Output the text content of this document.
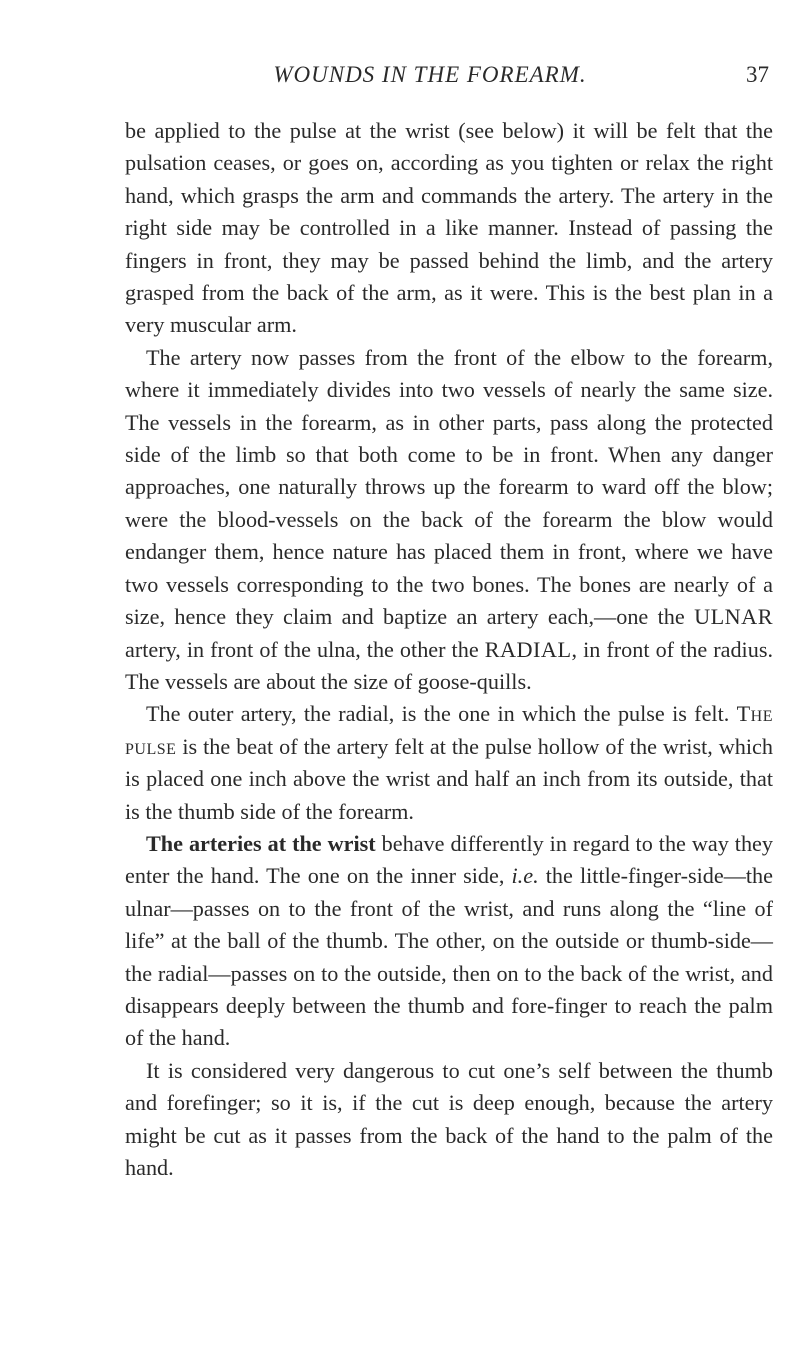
WOUNDS IN THE FOREARM.	37

be applied to the pulse at the wrist (see below) it will be felt that the pulsation ceases, or goes on, according as you tighten or relax the right hand, which grasps the arm and commands the artery. The artery in the right side may be controlled in a like manner. Instead of passing the fingers in front, they may be passed behind the limb, and the artery grasped from the back of the arm, as it were. This is the best plan in a very muscular arm.

The artery now passes from the front of the elbow to the forearm, where it immediately divides into two vessels of nearly the same size. The vessels in the forearm, as in other parts, pass along the protected side of the limb so that both come to be in front. When any danger approaches, one naturally throws up the forearm to ward off the blow; were the blood-vessels on the back of the forearm the blow would endanger them, hence nature has placed them in front, where we have two vessels corresponding to the two bones. The bones are nearly of a size, hence they claim and baptize an artery each,—one the ULNAR artery, in front of the ulna, the other the RADIAL, in front of the radius. The vessels are about the size of goose-quills.

The outer artery, the radial, is the one in which the pulse is felt. The pulse is the beat of the artery felt at the pulse hollow of the wrist, which is placed one inch above the wrist and half an inch from its outside, that is the thumb side of the forearm.

The arteries at the wrist behave differently in regard to the way they enter the hand. The one on the inner side, i.e. the little-finger-side—the ulnar—passes on to the front of the wrist, and runs along the “line of life” at the ball of the thumb. The other, on the outside or thumb-side—the radial—passes on to the outside, then on to the back of the wrist, and disappears deeply between the thumb and fore-finger to reach the palm of the hand.

It is considered very dangerous to cut one’s self between the thumb and forefinger; so it is, if the cut is deep enough, because the artery might be cut as it passes from the back of the hand to the palm of the hand.
